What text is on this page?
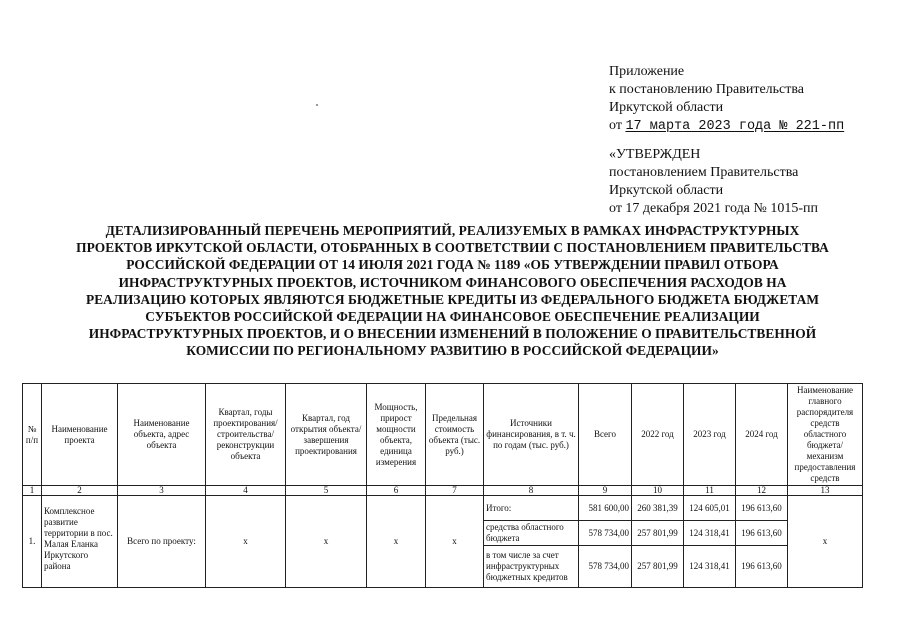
Приложение
к постановлению Правительства
Иркутской области
от 17 марта 2023 года № 221-пп
«УТВЕРЖДЕН
постановлением Правительства
Иркутской области
от 17 декабря 2021 года № 1015-пп
ДЕТАЛИЗИРОВАННЫЙ ПЕРЕЧЕНЬ МЕРОПРИЯТИЙ, РЕАЛИЗУЕМЫХ В РАМКАХ ИНФРАСТРУКТУРНЫХ ПРОЕКТОВ ИРКУТСКОЙ ОБЛАСТИ, ОТОБРАННЫХ В СООТВЕТСТВИИ С ПОСТАНОВЛЕНИЕМ ПРАВИТЕЛЬСТВА РОССИЙСКОЙ ФЕДЕРАЦИИ ОТ 14 ИЮЛЯ 2021 ГОДА № 1189 «ОБ УТВЕРЖДЕНИИ ПРАВИЛ ОТБОРА ИНФРАСТРУКТУРНЫХ ПРОЕКТОВ, ИСТОЧНИКОМ ФИНАНСОВОГО ОБЕСПЕЧЕНИЯ РАСХОДОВ НА РЕАЛИЗАЦИЮ КОТОРЫХ ЯВЛЯЮТСЯ БЮДЖЕТНЫЕ КРЕДИТЫ ИЗ ФЕДЕРАЛЬНОГО БЮДЖЕТА БЮДЖЕТАМ СУБЪЕКТОВ РОССИЙСКОЙ ФЕДЕРАЦИИ НА ФИНАНСОВОЕ ОБЕСПЕЧЕНИЕ РЕАЛИЗАЦИИ ИНФРАСТРУКТУРНЫХ ПРОЕКТОВ, И О ВНЕСЕНИИ ИЗМЕНЕНИЙ В ПОЛОЖЕНИЕ О ПРАВИТЕЛЬСТВЕННОЙ КОМИССИИ ПО РЕГИОНАЛЬНОМУ РАЗВИТИЮ В РОССИЙСКОЙ ФЕДЕРАЦИИ»
№ п/п	Наименование проекта	Наименование объекта, адрес объекта	Квартал, годы проектирования/ строительства/ реконструкции объекта	Квартал, год открытия объекта/ завершения проектирования	Мощность, прирост мощности объекта, единица измерения	Предельная стоимость объекта (тыс. руб.)	Источники финансирования, в т. ч. по годам (тыс. руб.)	Всего	2022 год	2023 год	2024 год	Наименование главного распорядителя средств областного бюджета/ механизм предоставления средств
1	2	3	4	5	6	7	8	9	10	11	12	13
1.	Комплексное развитие территории в пос. Малая Еланка Иркутского района	Всего по проекту:	x	x	x	x	Итого:	581 600,00	260 381,39	124 605,01	196 613,60	x
							средства областного бюджета	578 734,00	257 801,99	124 318,41	196 613,60	
							в том числе за счет инфраструктурных бюджетных кредитов	578 734,00	257 801,99	124 318,41	196 613,60	
